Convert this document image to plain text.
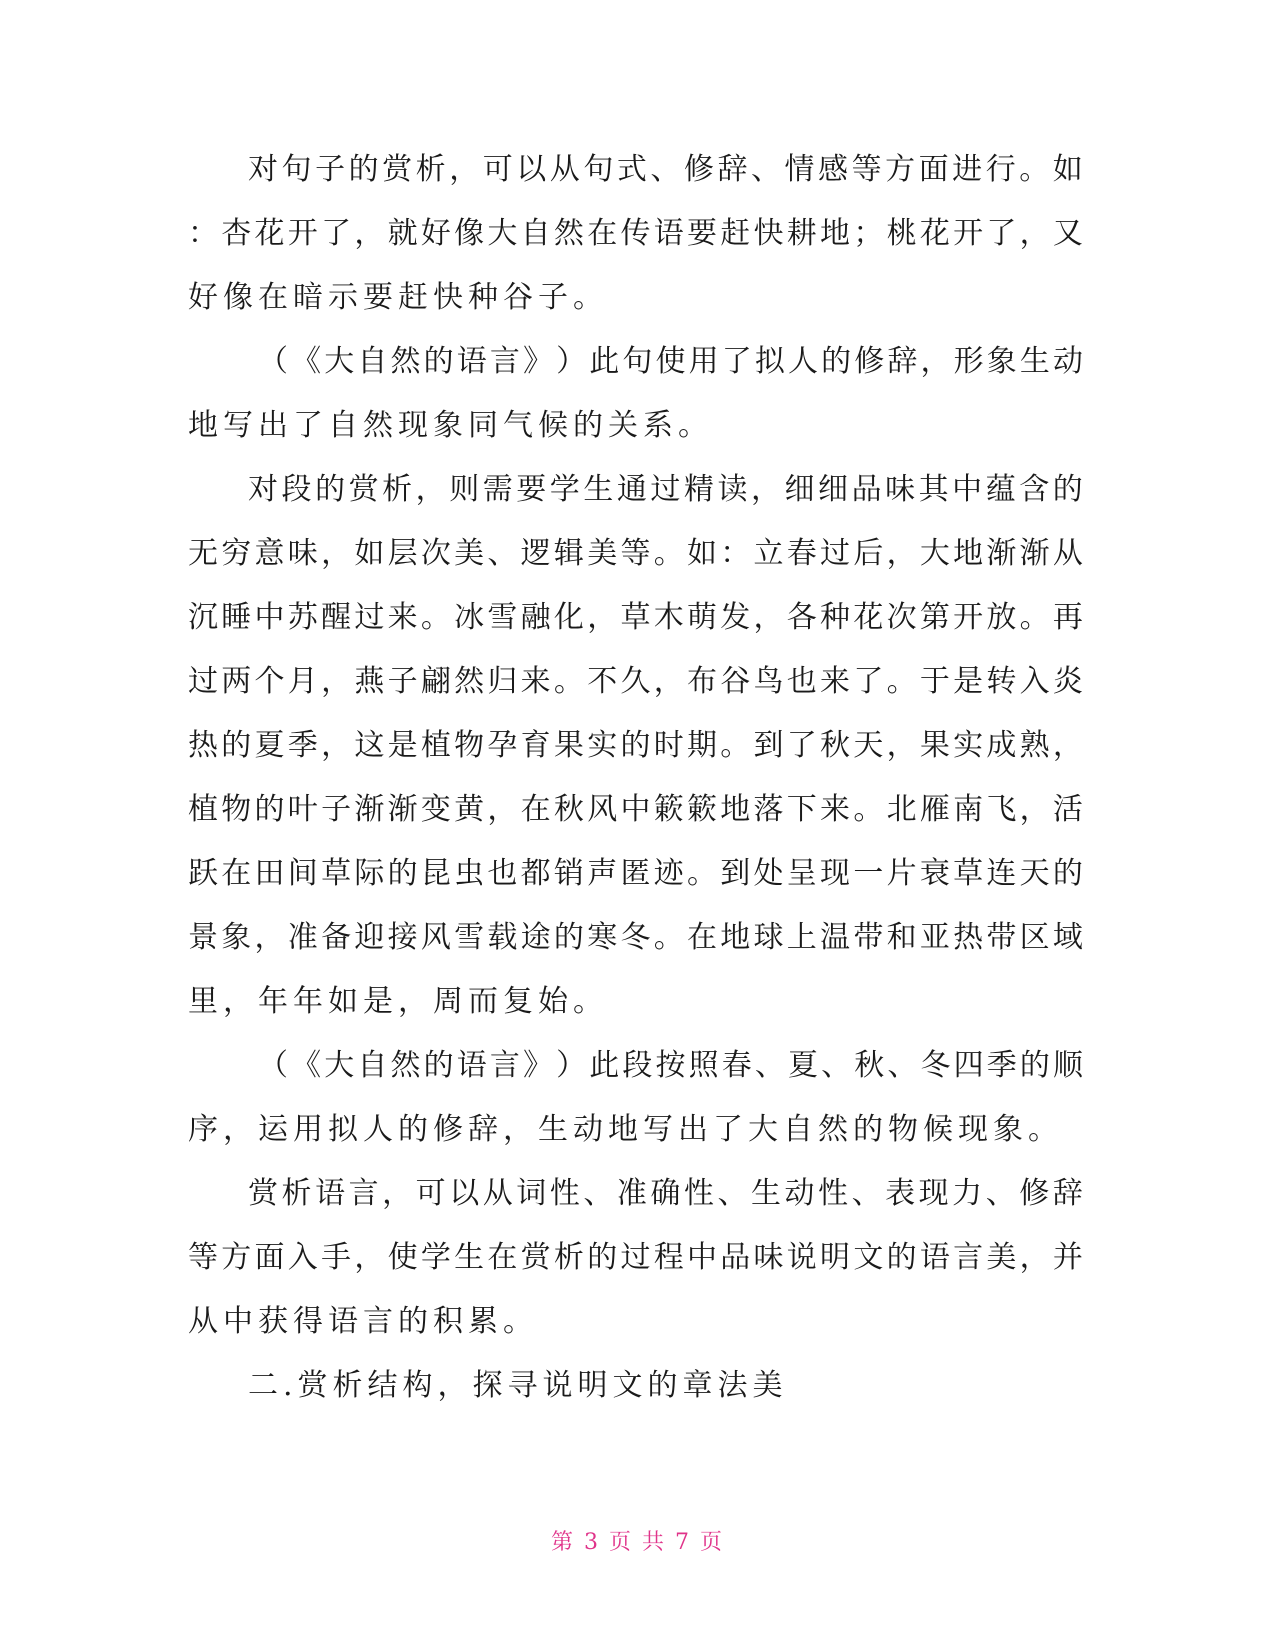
对 句 子 的 赏 析 ， 可 以 从 句 式 、 修 辞 、 情 感 等 方 面 进 行 。 如
： 杏 花 开 了 ， 就 好 像 大 自 然 在 传 语 要 赶 快 耕 地 ； 桃 花 开 了 ， 又
好像在暗示要赶快种谷子。
（ 《 大 自 然 的 语 言 》 ） 此 句 使 用 了 拟 人 的 修 辞 ， 形 象 生 动
地写出了自然现象同气候的关系。
对 段 的 赏 析 ， 则 需 要 学 生 通 过 精 读 ， 细 细 品 味 其 中 蕴 含 的
无 穷 意 味 ， 如 层 次 美 、 逻 辑 美 等 。 如 ： 立 春 过 后 ， 大 地 渐 渐 从
沉 睡 中 苏 醒 过 来 。 冰 雪 融 化 ， 草 木 萌 发 ， 各 种 花 次 第 开 放 。 再
过 两 个 月 ， 燕 子 翩 然 归 来 。 不 久 ， 布 谷 鸟 也 来 了 。 于 是 转 入 炎
热 的 夏 季 ， 这 是 植 物 孕 育 果 实 的 时 期 。 到 了 秋 天 ， 果 实 成 熟 ，
植 物 的 叶 子 渐 渐 变 黄 ， 在 秋 风 中 簌 簌 地 落 下 来 。 北 雁 南 飞 ， 活
跃 在 田 间 草 际 的 昆 虫 也 都 销 声 匿 迹 。 到 处 呈 现 一 片 衰 草 连 天 的
景 象 ， 准 备 迎 接 风 雪 载 途 的 寒 冬 。 在 地 球 上 温 带 和 亚 热 带 区 域
里，年年如是，周而复始。
（ 《 大 自 然 的 语 言 》 ） 此 段 按 照 春 、 夏 、 秋 、 冬 四 季 的 顺
序，运用拟人的修辞，生动地写出了大自然的物候现象。
赏 析 语 言 ， 可 以 从 词 性 、 准 确 性 、 生 动 性 、 表 现 力 、 修 辞
等 方 面 入 手 ， 使 学 生 在 赏 析 的 过 程 中 品 味 说 明 文 的 语 言 美 ， 并
从中获得语言的积累。
二.赏析结构，探寻说明文的章法美
第 3 页 共 7 页
